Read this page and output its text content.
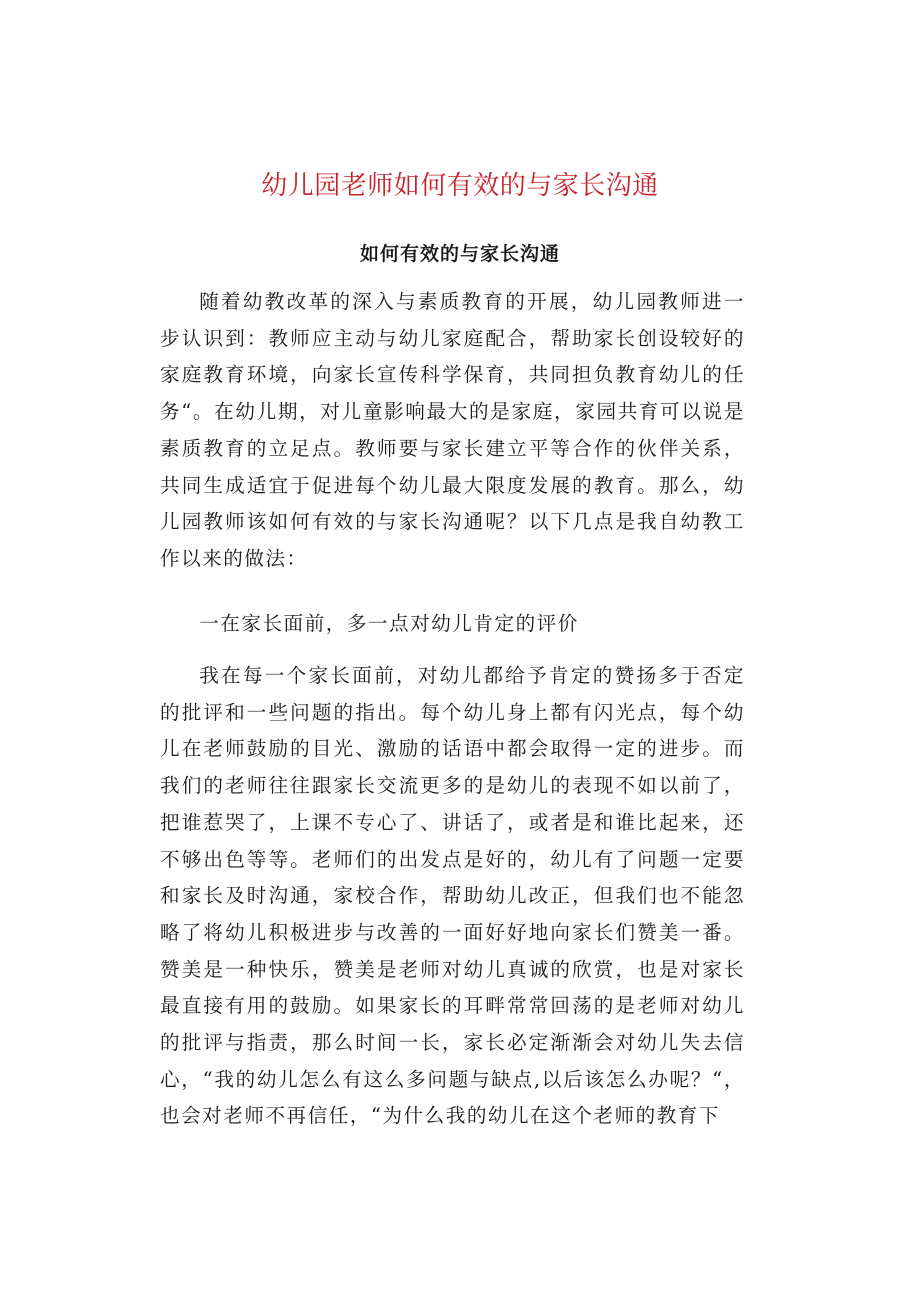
幼儿园老师如何有效的与家长沟通
如何有效的与家长沟通

随着幼教改革的深入与素质教育的开展，幼儿园教师进一步认识到：教师应主动与幼儿家庭配合，帮助家长创设较好的家庭教育环境，向家长宣传科学保育，共同担负教育幼儿的任务“。在幼儿期，对儿童影响最大的是家庭，家园共育可以说是素质教育的立足点。教师要与家长建立平等合作的伙伴关系，共同生成适宜于促进每个幼儿最大限度发展的教育。那么，幼儿园教师该如何有效的与家长沟通呢？以下几点是我自幼教工作以来的做法：

一在家长面前，多一点对幼儿肯定的评价

我在每一个家长面前，对幼儿都给予肯定的赞扬多于否定的批评和一些问题的指出。每个幼儿身上都有闪光点，每个幼儿在老师鼓励的目光、激励的话语中都会取得一定的进步。而我们的老师往往跟家长交流更多的是幼儿的表现不如以前了，把谁惹哭了，上课不专心了、讲话了，或者是和谁比起来，还不够出色等等。老师们的出发点是好的，幼儿有了问题一定要和家长及时沟通，家校合作，帮助幼儿改正，但我们也不能忽略了将幼儿积极进步与改善的一面好好地向家长们赞美一番。赞美是一种快乐，赞美是老师对幼儿真诚的欣赏，也是对家长最直接有用的鼓励。如果家长的耳畔常常回荡的是老师对幼儿的批评与指责，那么时间一长，家长必定渐渐会对幼儿失去信心，“我的幼儿怎么有这么多问题与缺点,以后该怎么办呢？“，也会对老师不再信任，“为什么我的幼儿在这个老师的教育下
